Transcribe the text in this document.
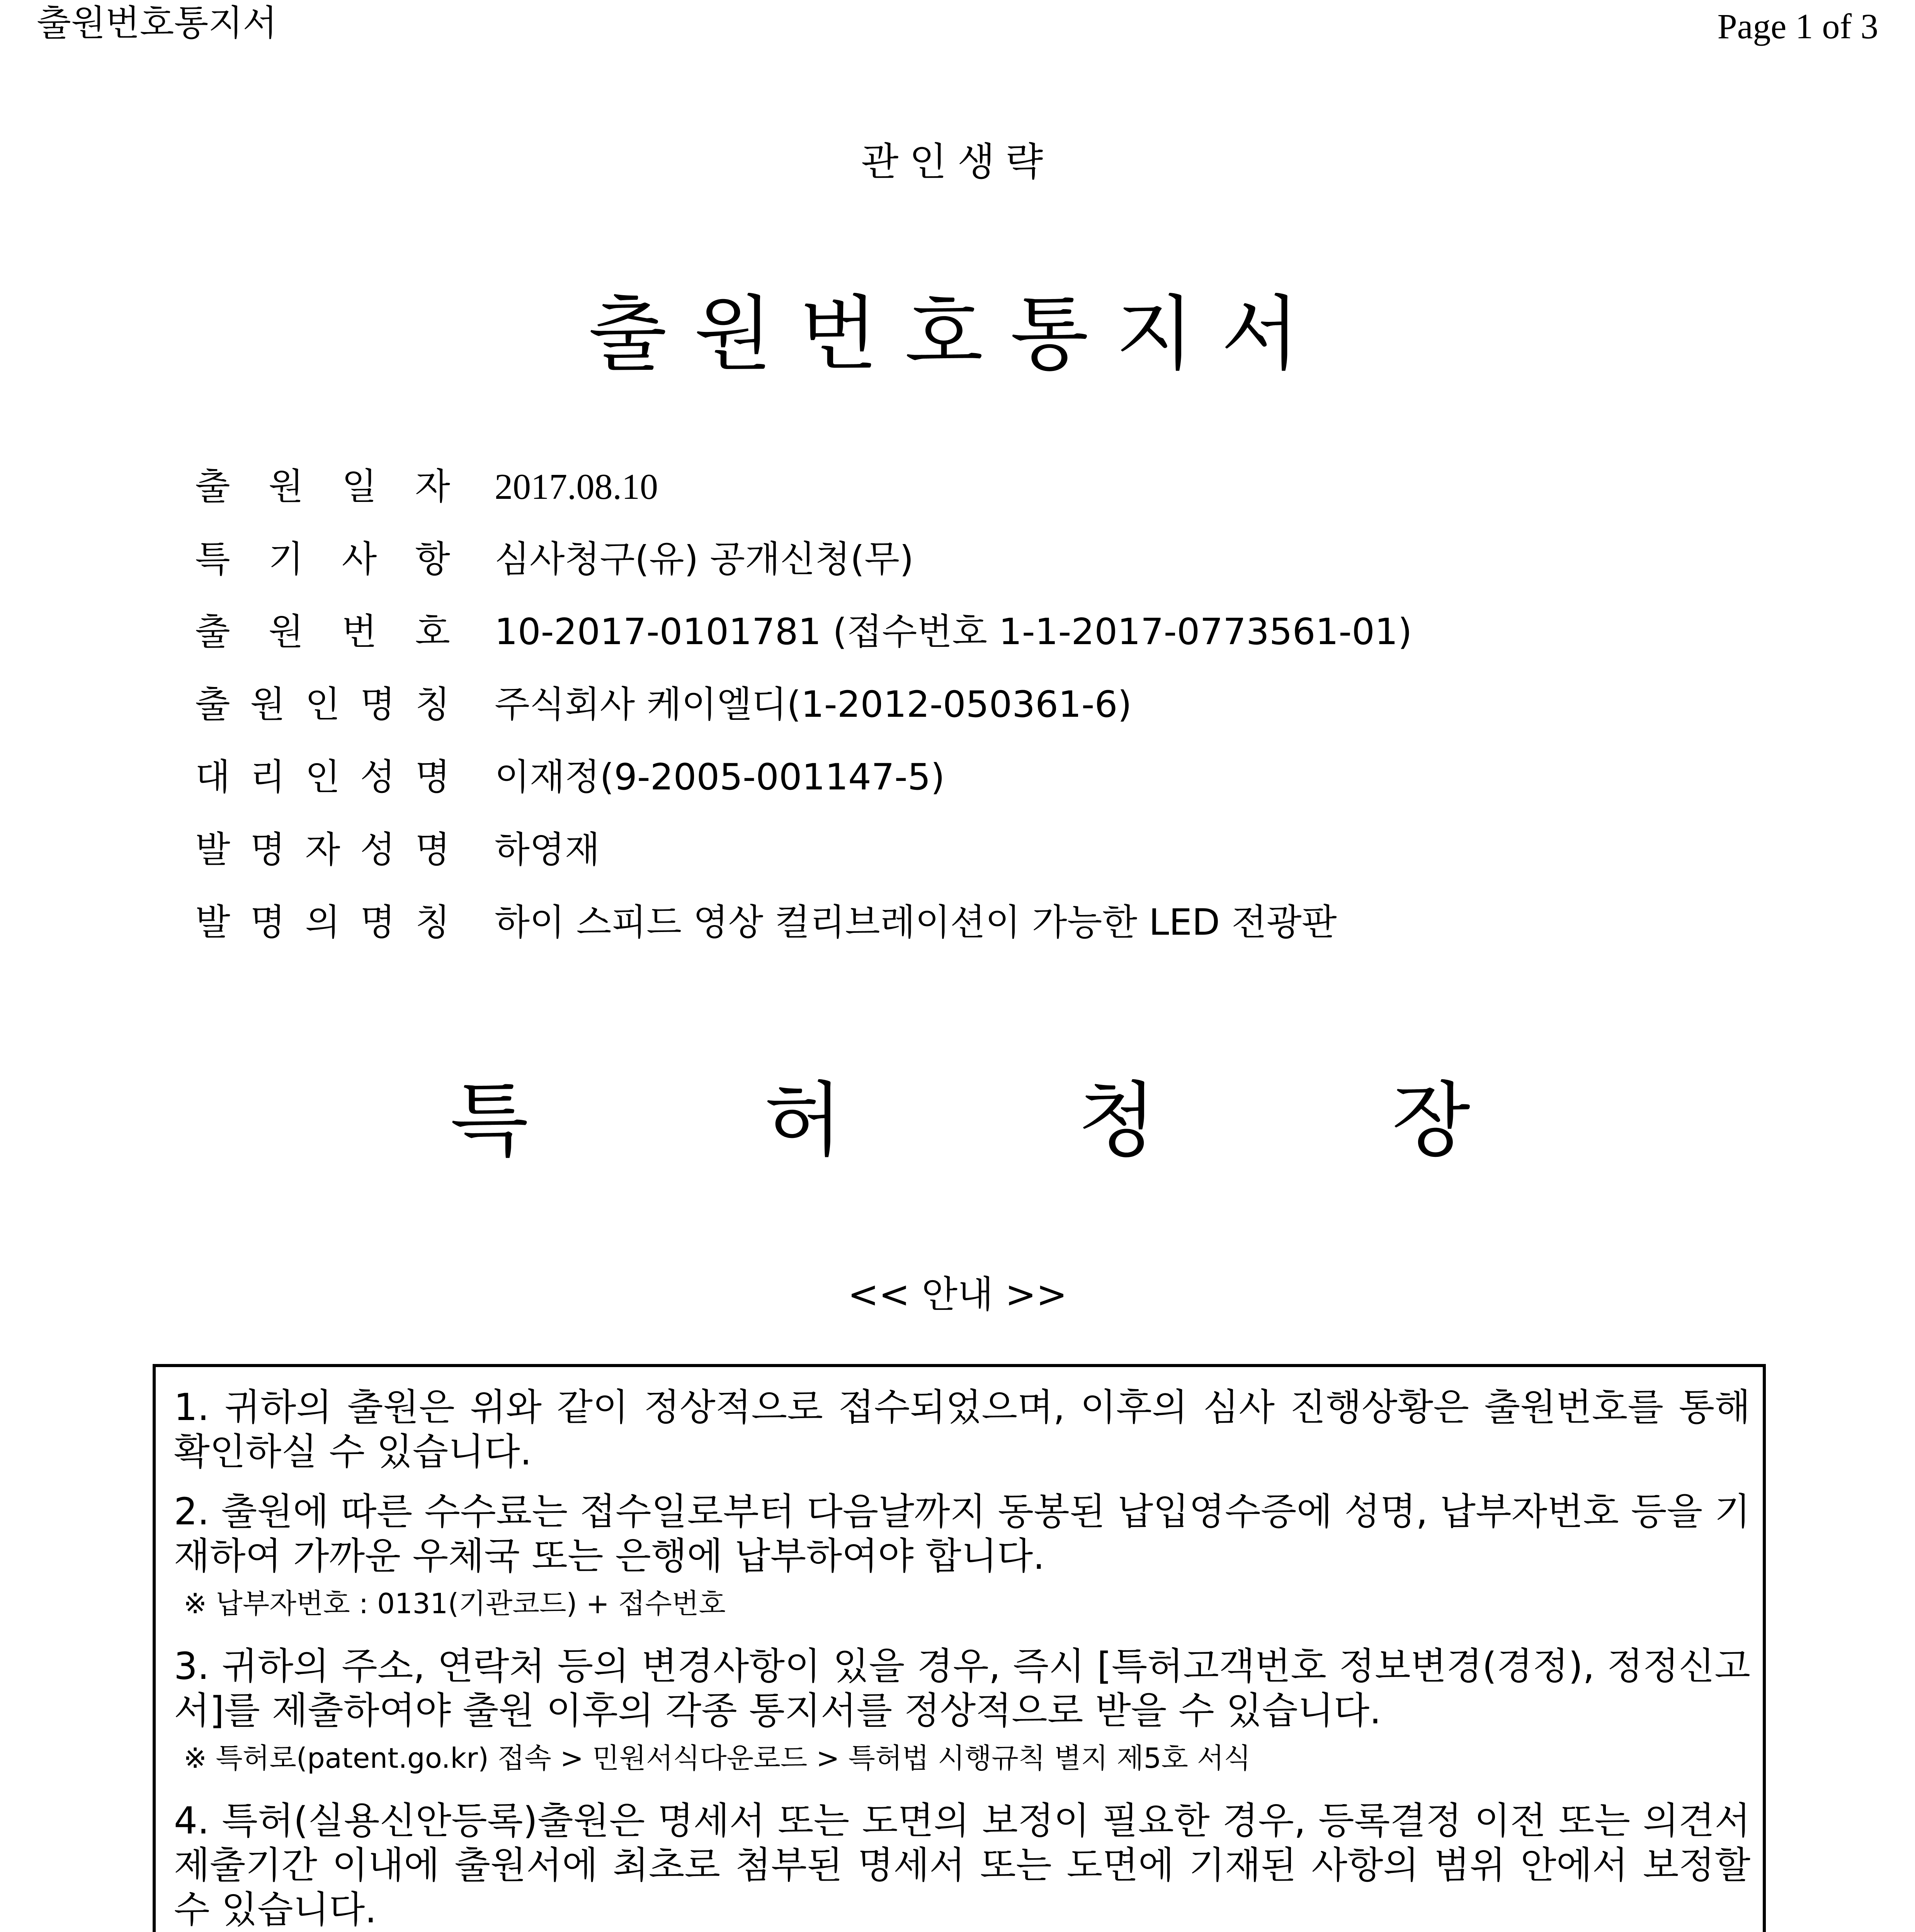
출원번호통지서	Page 1 of 3
관인생략
출원번호통지서
출 원 일 자 2017.08.10
특 기 사 항 심사청구(유) 공개신청(무)
출 원 번 호 10-2017-0101781 (접수번호 1-1-2017-0773561-01)
출 원 인 명 칭 주식회사 케이엘디(1-2012-050361-6)
대 리 인 성 명 이재정(9-2005-001147-5)
발 명 자 성 명 하영재
발 명 의 명 칭 하이 스피드 영상 컬리브레이션이 가능한 LED 전광판
특	허	청	장
<< 안내 >>
1. 귀하의 출원은 위와 같이 정상적으로 접수되었으며, 이후의 심사 진행상황은 출원번호를 통해 확인하실 수 있습니다.
2. 출원에 따른 수수료는 접수일로부터 다음날까지 동봉된 납입영수증에 성명, 납부자번호 등을 기재하여 가까운 우체국 또는 은행에 납부하여야 합니다.
※ 납부자번호 : 0131(기관코드) + 접수번호
3. 귀하의 주소, 연락처 등의 변경사항이 있을 경우, 즉시 [특허고객번호 정보변경(경정), 정정신고서]를 제출하여야 출원 이후의 각종 통지서를 정상적으로 받을 수 있습니다.
※ 특허로(patent.go.kr) 접속 > 민원서식다운로드 > 특허법 시행규칙 별지 제5호 서식
4. 특허(실용신안등록)출원은 명세서 또는 도면의 보정이 필요한 경우, 등록결정 이전 또는 의견서 제출기간 이내에 출원서에 최초로 첨부된 명세서 또는 도면에 기재된 사항의 범위 안에서 보정할 수 있습니다.
